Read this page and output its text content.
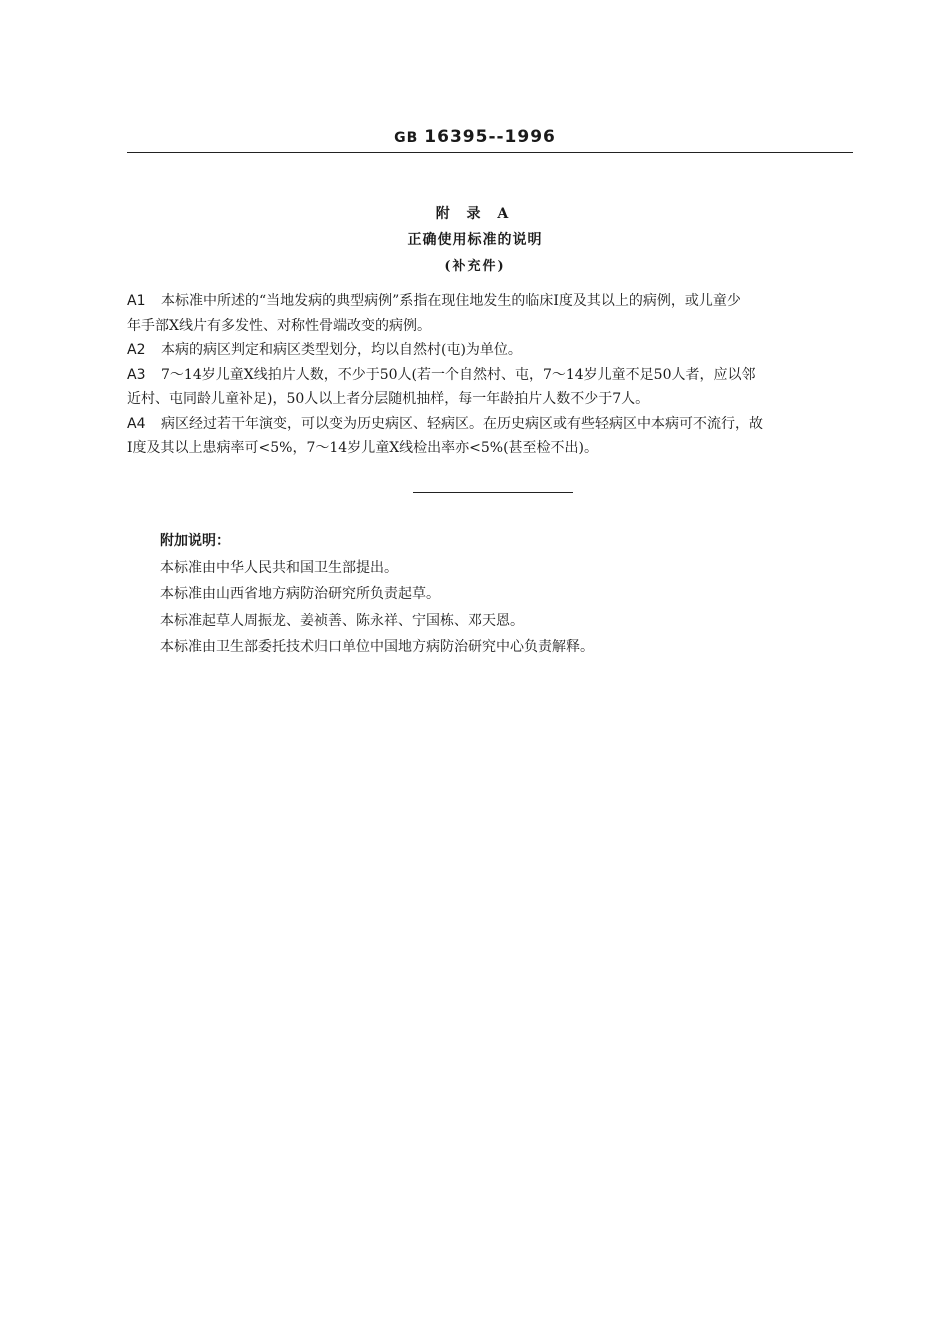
GB 16395--1996
附 录 A
正确使用标准的说明
(补充件)
A1 本标准中所述的“当地发病的典型病例”系指在现住地发生的临床Ⅰ度及其以上的病例，或儿童少
年手部X线片有多发性、对称性骨端改变的病例。
A2 本病的病区判定和病区类型划分，均以自然村(屯)为单位。
A3 7～14岁儿童X线拍片人数，不少于50人(若一个自然村、屯，7～14岁儿童不足50人者，应以邻
近村、屯同龄儿童补足)，50人以上者分层随机抽样，每一年龄拍片人数不少于7人。
A4 病区经过若干年演变，可以变为历史病区、轻病区。在历史病区或有些轻病区中本病可不流行，故
Ⅰ度及其以上患病率可<5%，7～14岁儿童X线检出率亦<5%(甚至检不出)。

附加说明：

本标准由中华人民共和国卫生部提出。

本标准由山西省地方病防治研究所负责起草。

本标准起草人周振龙、姜祯善、陈永祥、宁国栋、邓天恩。

本标准由卫生部委托技术归口单位中国地方病防治研究中心负责解释。
